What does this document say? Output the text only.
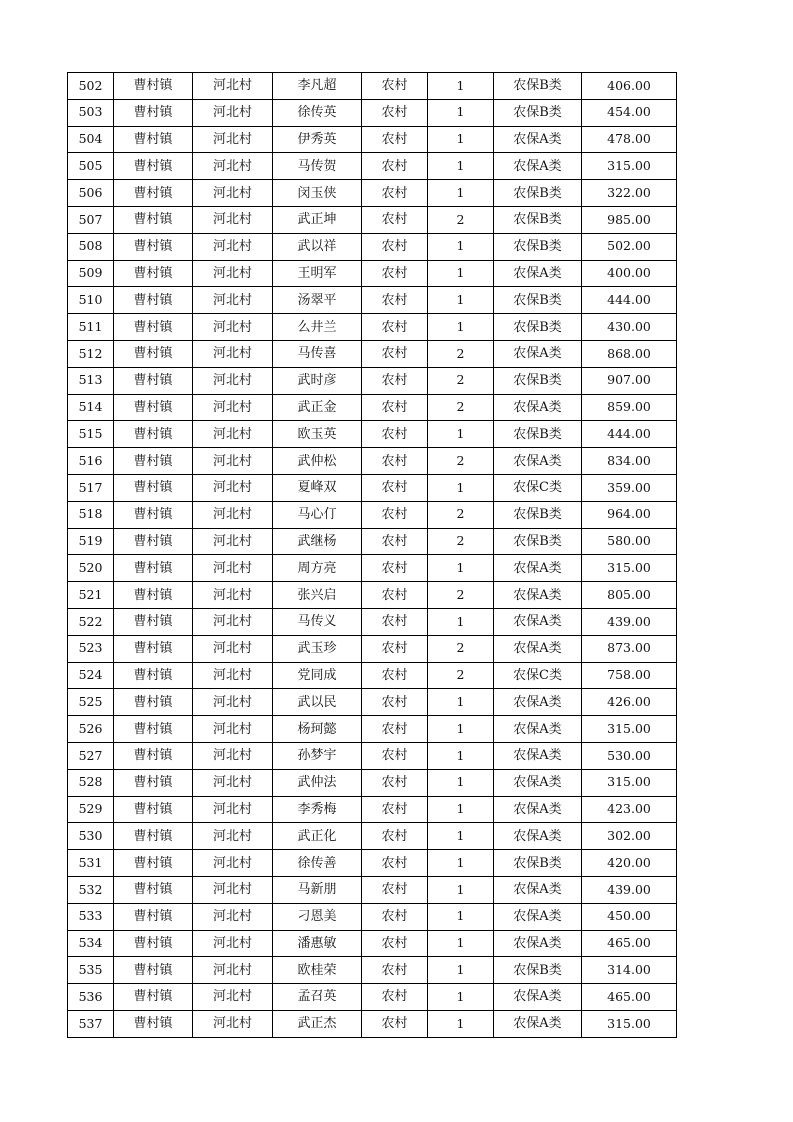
502	曹村镇	河北村	李凡超	农村	1	农保B类	406.00
503	曹村镇	河北村	徐传英	农村	1	农保B类	454.00
504	曹村镇	河北村	伊秀英	农村	1	农保A类	478.00
505	曹村镇	河北村	马传贺	农村	1	农保A类	315.00
506	曹村镇	河北村	闵玉侠	农村	1	农保B类	322.00
507	曹村镇	河北村	武正坤	农村	2	农保B类	985.00
508	曹村镇	河北村	武以祥	农村	1	农保B类	502.00
509	曹村镇	河北村	王明军	农村	1	农保A类	400.00
510	曹村镇	河北村	汤翠平	农村	1	农保B类	444.00
511	曹村镇	河北村	么井兰	农村	1	农保B类	430.00
512	曹村镇	河北村	马传喜	农村	2	农保A类	868.00
513	曹村镇	河北村	武时彦	农村	2	农保B类	907.00
514	曹村镇	河北村	武正金	农村	2	农保A类	859.00
515	曹村镇	河北村	欧玉英	农村	1	农保B类	444.00
516	曹村镇	河北村	武仲松	农村	2	农保A类	834.00
517	曹村镇	河北村	夏峰双	农村	1	农保C类	359.00
518	曹村镇	河北村	马心仃	农村	2	农保B类	964.00
519	曹村镇	河北村	武继杨	农村	2	农保B类	580.00
520	曹村镇	河北村	周方亮	农村	1	农保A类	315.00
521	曹村镇	河北村	张兴启	农村	2	农保A类	805.00
522	曹村镇	河北村	马传义	农村	1	农保A类	439.00
523	曹村镇	河北村	武玉珍	农村	2	农保A类	873.00
524	曹村镇	河北村	党同成	农村	2	农保C类	758.00
525	曹村镇	河北村	武以民	农村	1	农保A类	426.00
526	曹村镇	河北村	杨珂懿	农村	1	农保A类	315.00
527	曹村镇	河北村	孙梦宇	农村	1	农保A类	530.00
528	曹村镇	河北村	武仲法	农村	1	农保A类	315.00
529	曹村镇	河北村	李秀梅	农村	1	农保A类	423.00
530	曹村镇	河北村	武正化	农村	1	农保A类	302.00
531	曹村镇	河北村	徐传善	农村	1	农保B类	420.00
532	曹村镇	河北村	马新朋	农村	1	农保A类	439.00
533	曹村镇	河北村	刁恩美	农村	1	农保A类	450.00
534	曹村镇	河北村	潘惠敏	农村	1	农保A类	465.00
535	曹村镇	河北村	欧桂荣	农村	1	农保B类	314.00
536	曹村镇	河北村	孟召英	农村	1	农保A类	465.00
537	曹村镇	河北村	武正杰	农村	1	农保A类	315.00
